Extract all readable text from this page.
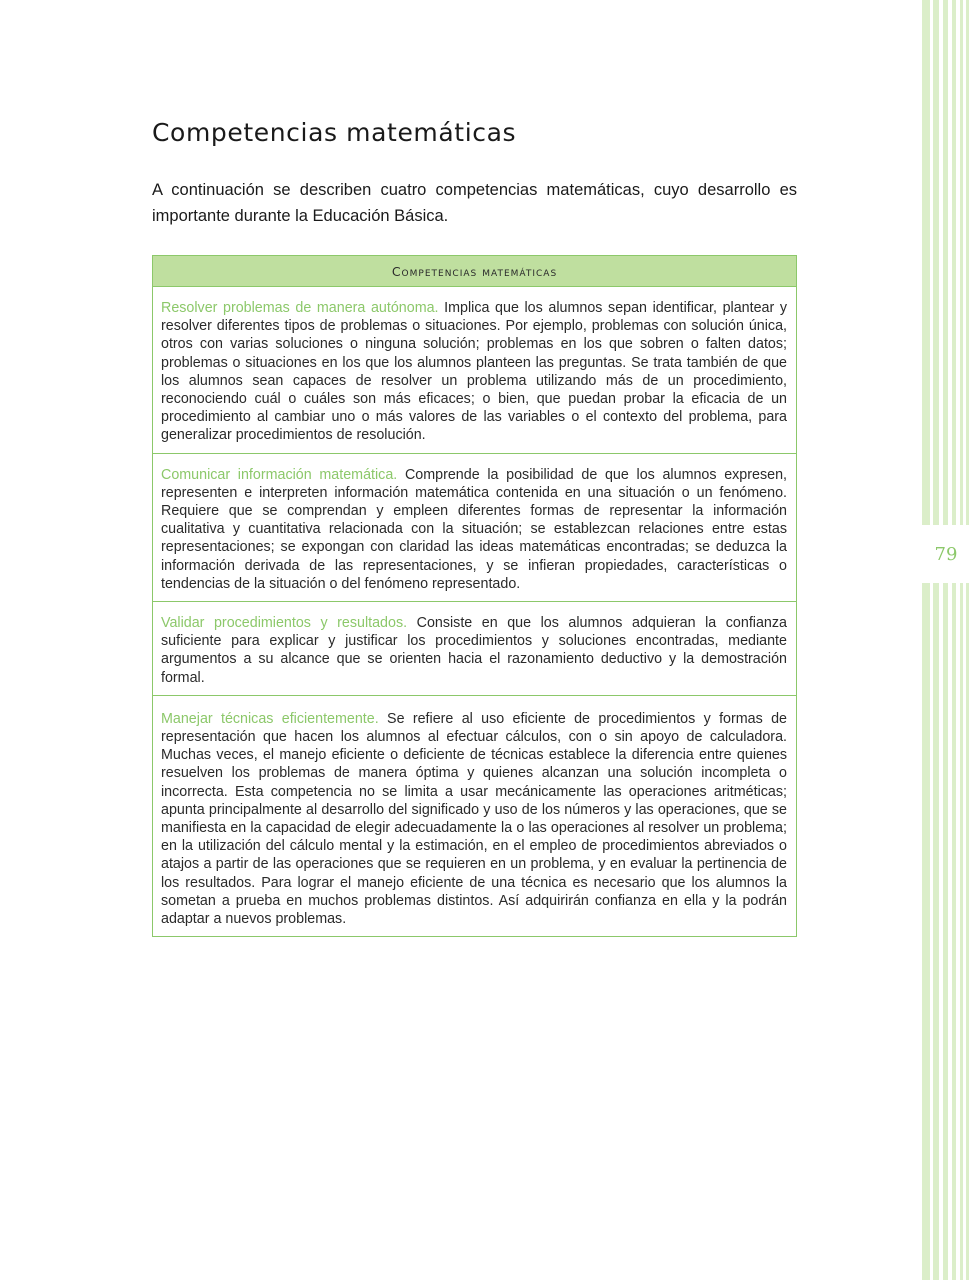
79
Competencias matemáticas

A continuación se describen cuatro competencias matemáticas, cuyo desarrollo es importante durante la Educación Básica.

Competencias matemáticas
Resolver problemas de manera autónoma. Implica que los alumnos sepan identificar, plantear y resolver diferentes tipos de problemas o situaciones. Por ejemplo, problemas con solución única, otros con varias soluciones o ninguna solución; problemas en los que sobren o falten datos; problemas o situaciones en los que los alumnos planteen las preguntas. Se trata también de que los alumnos sean capaces de resolver un problema utilizando más de un procedimiento, reconociendo cuál o cuáles son más eficaces; o bien, que puedan probar la eficacia de un procedimiento al cambiar uno o más valores de las variables o el contexto del problema, para generalizar procedimientos de resolución.
Comunicar información matemática. Comprende la posibilidad de que los alumnos expresen, representen e interpreten información matemática contenida en una situación o un fenómeno. Requiere que se comprendan y empleen diferentes formas de representar la información cualitativa y cuantitativa relacionada con la situación; se establezcan relaciones entre estas representaciones; se expongan con claridad las ideas matemáticas encontradas; se deduzca la información derivada de las representaciones, y se infieran propiedades, características o tendencias de la situación o del fenómeno representado.
Validar procedimientos y resultados. Consiste en que los alumnos adquieran la confianza suficiente para explicar y justificar los procedimientos y soluciones encontradas, mediante argumentos a su alcance que se orienten hacia el razonamiento deductivo y la demostración formal.
Manejar técnicas eficientemente. Se refiere al uso eficiente de procedimientos y formas de representación que hacen los alumnos al efectuar cálculos, con o sin apoyo de calculadora. Muchas veces, el manejo eficiente o deficiente de técnicas establece la diferencia entre quienes resuelven los problemas de manera óptima y quienes alcanzan una solución incompleta o incorrecta. Esta competencia no se limita a usar mecánicamente las operaciones aritméticas; apunta principalmente al desarrollo del significado y uso de los números y las operaciones, que se manifiesta en la capacidad de elegir adecuadamente la o las operaciones al resolver un problema; en la utilización del cálculo mental y la estimación, en el empleo de procedimientos abreviados o atajos a partir de las operaciones que se requieren en un problema, y en evaluar la pertinencia de los resultados. Para lograr el manejo eficiente de una técnica es necesario que los alumnos la sometan a prueba en muchos problemas distintos. Así adquirirán confianza en ella y la podrán adaptar a nuevos problemas.
